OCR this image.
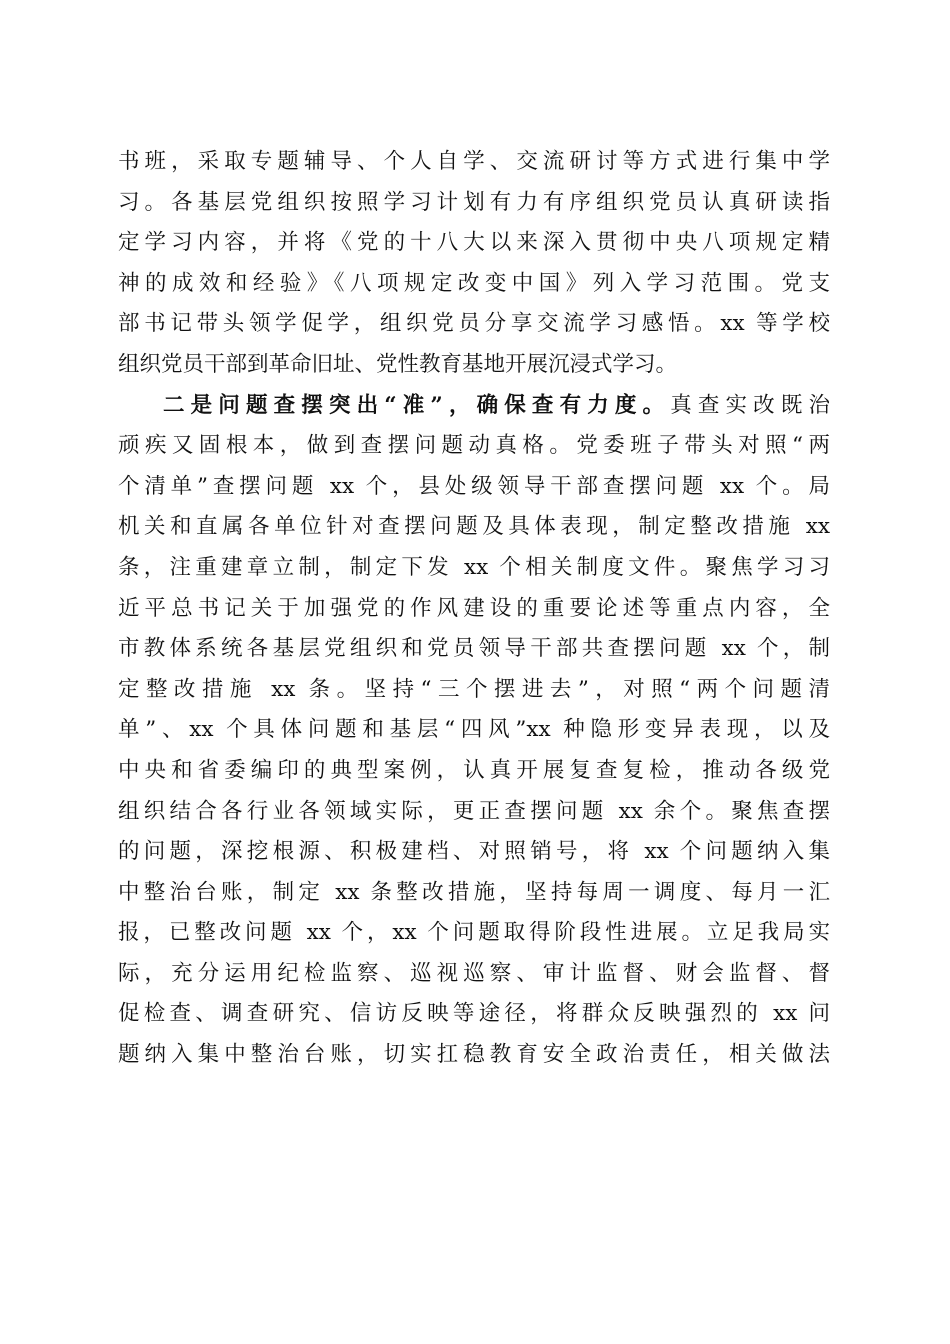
书班，采取专题辅导、个人自学、交流研讨等方式进行集中学
习。各基层党组织按照学习计划有力有序组织党员认真研读指
定学习内容，并将《党的十八大以来深入贯彻中央八项规定精
神的成效和经验》《八项规定改变中国》列入学习范围。党支
部书记带头领学促学，组织党员分享交流学习感悟。xx 等学校
组织党员干部到革命旧址、党性教育基地开展沉浸式学习。
二是问题查摆突出“准”，确保查有力度。真查实改既治
顽疾又固根本，做到查摆问题动真格。党委班子带头对照“两
个清单”查摆问题 xx 个，县处级领导干部查摆问题 xx 个。局
机关和直属各单位针对查摆问题及具体表现，制定整改措施 xx
条，注重建章立制，制定下发 xx 个相关制度文件。聚焦学习习
近平总书记关于加强党的作风建设的重要论述等重点内容，全
市教体系统各基层党组织和党员领导干部共查摆问题 xx 个，制
定整改措施 xx 条。坚持“三个摆进去”，对照“两个问题清
单”、xx 个具体问题和基层“四风”xx 种隐形变异表现，以及
中央和省委编印的典型案例，认真开展复查复检，推动各级党
组织结合各行业各领域实际，更正查摆问题 xx 余个。聚焦查摆
的问题，深挖根源、积极建档、对照销号，将 xx 个问题纳入集
中整治台账，制定 xx 条整改措施，坚持每周一调度、每月一汇
报，已整改问题 xx 个，xx 个问题取得阶段性进展。立足我局实
际，充分运用纪检监察、巡视巡察、审计监督、财会监督、督
促检查、调查研究、信访反映等途径，将群众反映强烈的 xx 问
题纳入集中整治台账，切实扛稳教育安全政治责任，相关做法
